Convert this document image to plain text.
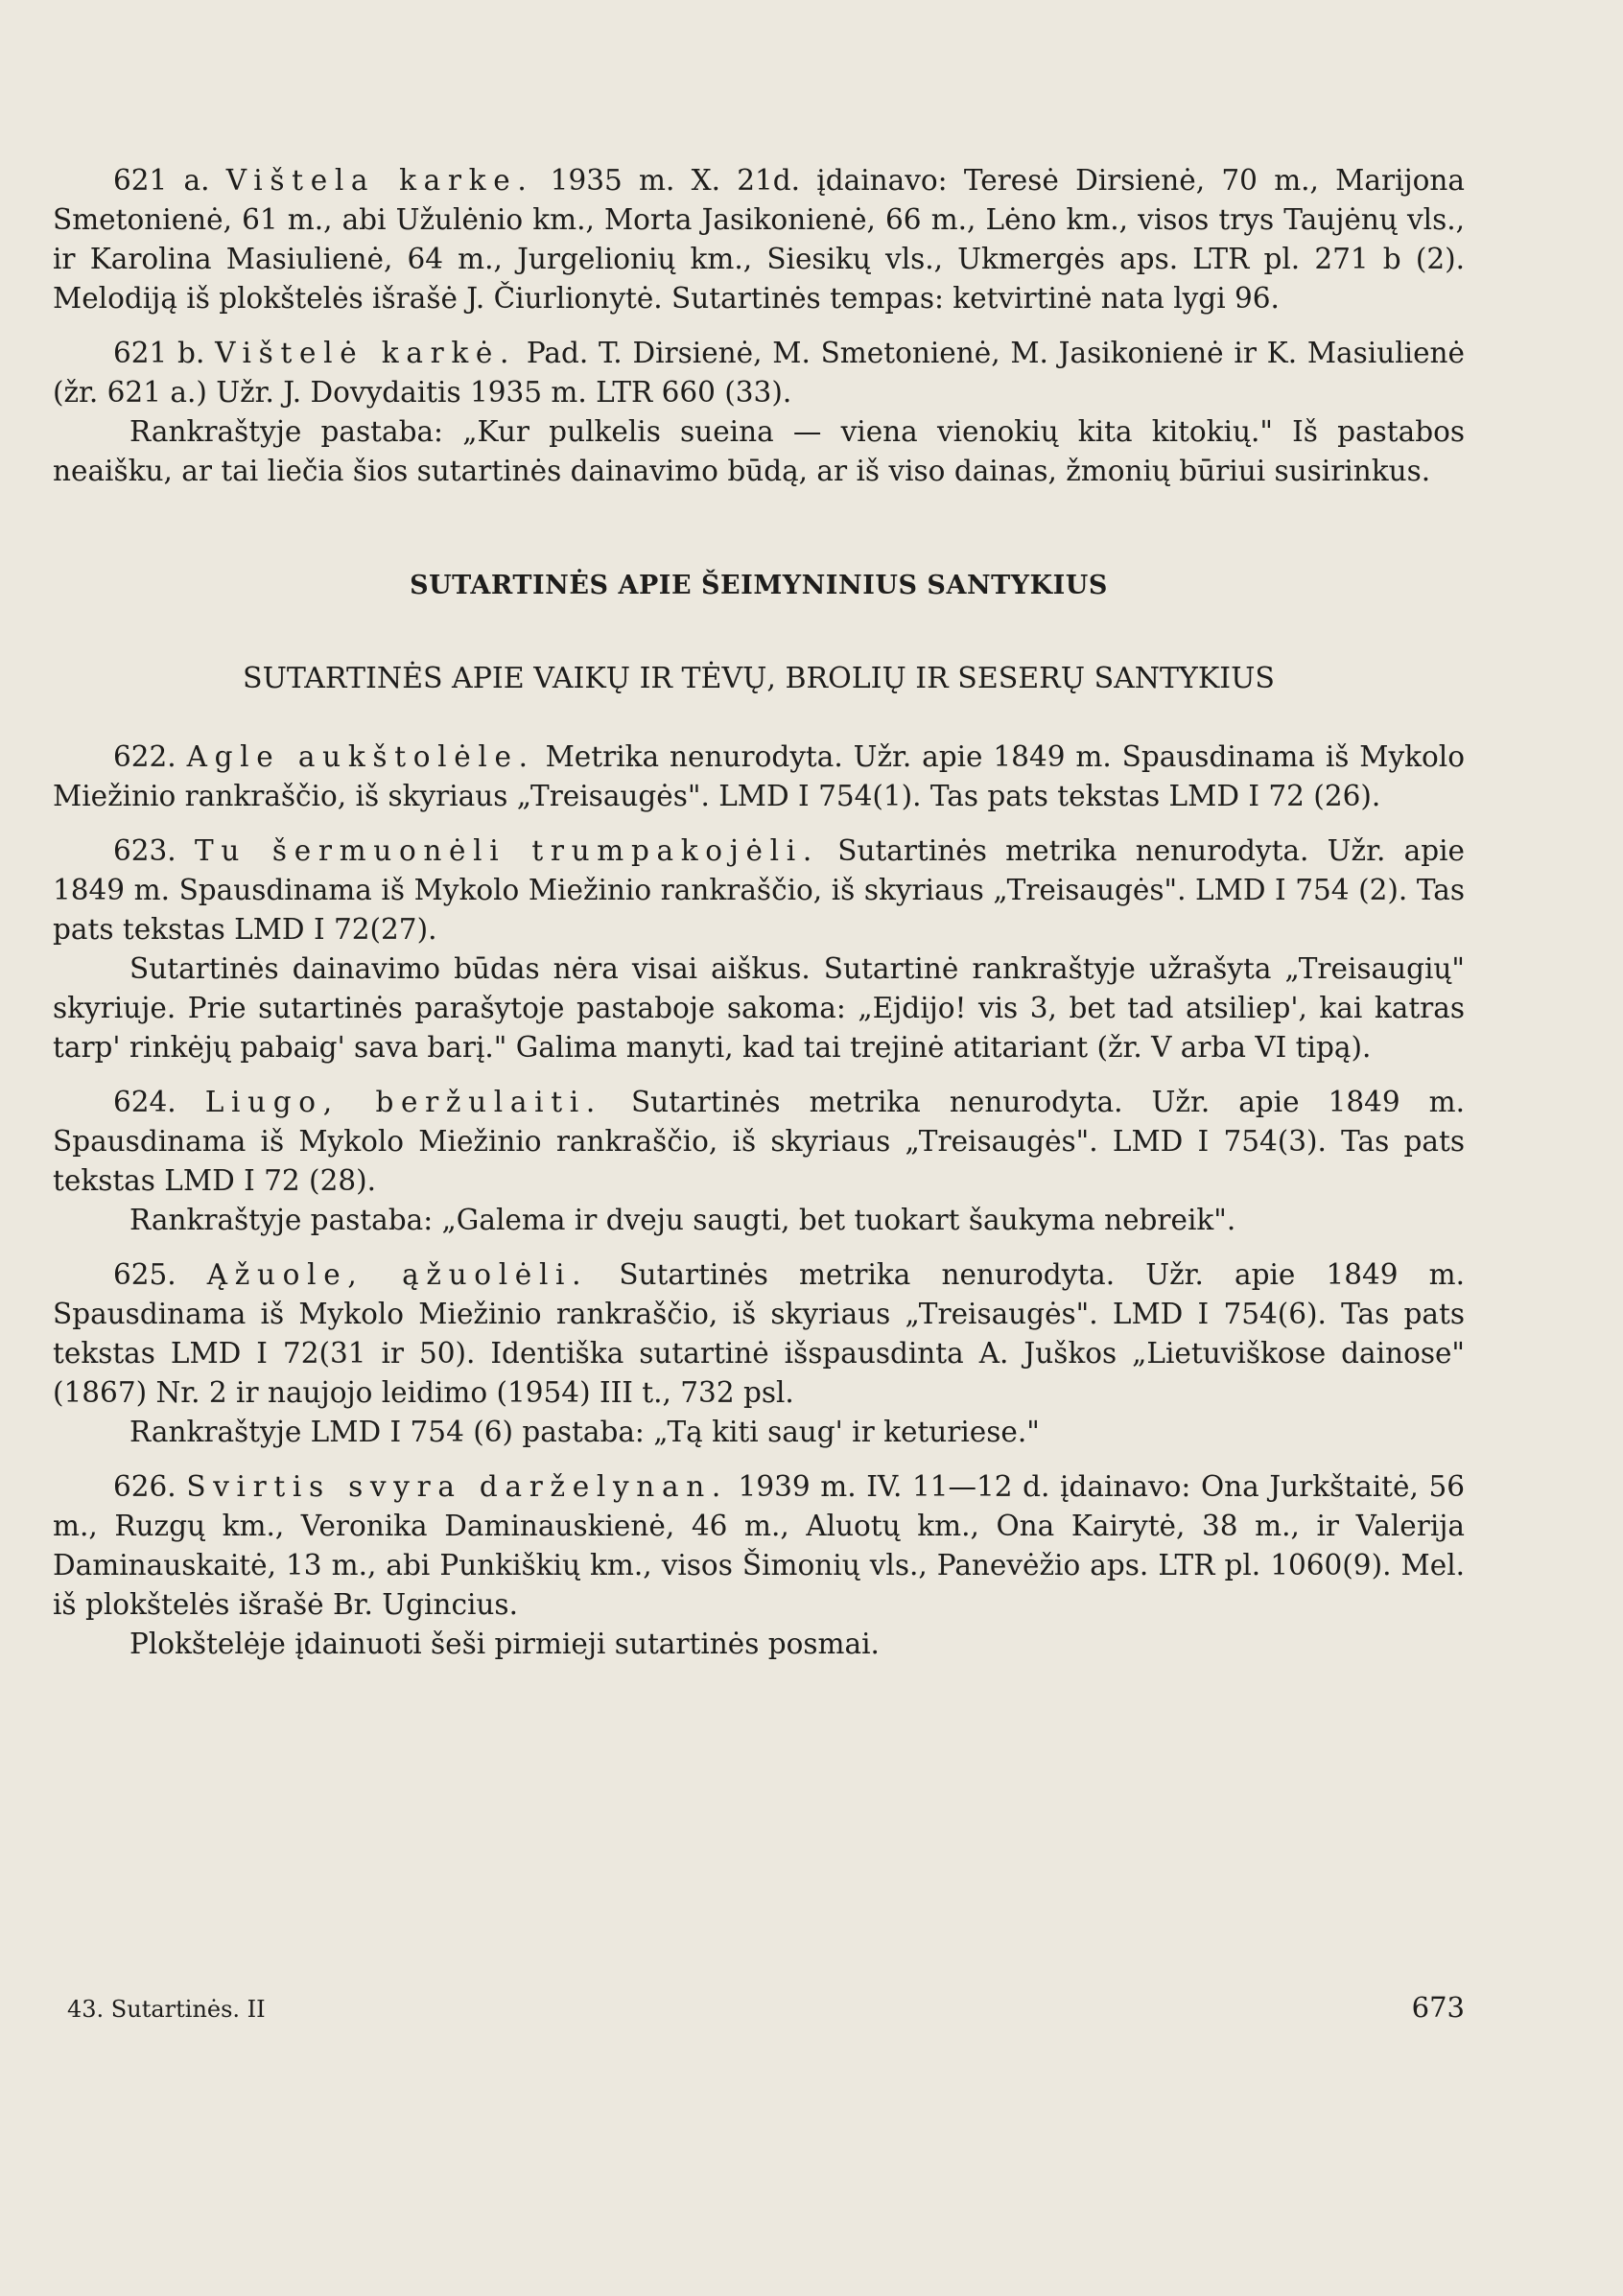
621 a. Vištela karke. 1935 m. X. 21d. įdainavo: Teresė Dirsienė, 70 m., Marijona Smetonienė, 61 m., abi Užulėnio km., Morta Jasikonienė, 66 m., Lėno km., visos trys Taujėnų vls., ir Karolina Masiulienė, 64 m., Jurgelionių km., Siesikų vls., Ukmergės aps. LTR pl. 271 b (2). Melodiją iš plokštelės išrašė J. Čiurlionytė. Sutartinės tempas: ketvirtinė nata lygi 96.

621 b. Vištelė karkė. Pad. T. Dirsienė, M. Smetonienė, M. Jasikonienė ir K. Masiulienė (žr. 621 a.) Užr. J. Dovydaitis 1935 m. LTR 660 (33).

Rankraštyje pastaba: „Kur pulkelis sueina — viena vienokių kita kitokių." Iš pastabos neaišku, ar tai liečia šios sutartinės dainavimo būdą, ar iš viso dainas, žmonių būriui susirinkus.

SUTARTINĖS APIE ŠEIMYNINIUS SANTYKIUS
SUTARTINĖS APIE VAIKŲ IR TĖVŲ, BROLIŲ IR SESERŲ SANTYKIUS

622. Agle aukštolėle. Metrika nenurodyta. Užr. apie 1849 m. Spausdinama iš Mykolo Miežinio rankraščio, iš skyriaus „Treisaugės". LMD I 754(1). Tas pats tekstas LMD I 72 (26).

623. Tu šermuonėli trumpakojėli. Sutartinės metrika nenurodyta. Užr. apie 1849 m. Spausdinama iš Mykolo Miežinio rankraščio, iš skyriaus „Treisaugės". LMD I 754 (2). Tas pats tekstas LMD I 72(27).

Sutartinės dainavimo būdas nėra visai aiškus. Sutartinė rankraštyje užrašyta „Treisaugių" skyriuje. Prie sutartinės parašytoje pastaboje sakoma: „Ejdijo! vis 3, bet tad atsiliep', kai katras tarp' rinkėjų pabaig' sava barį." Galima manyti, kad tai trejinė atitariant (žr. V arba VI tipą).

624. Liugo, beržulaiti. Sutartinės metrika nenurodyta. Užr. apie 1849 m. Spausdinama iš Mykolo Miežinio rankraščio, iš skyriaus „Treisaugės". LMD I 754(3). Tas pats tekstas LMD I 72 (28).

Rankraštyje pastaba: „Galema ir dveju saugti, bet tuokart šaukyma nebreik".

625. Ąžuole, ąžuolėli. Sutartinės metrika nenurodyta. Užr. apie 1849 m. Spausdinama iš Mykolo Miežinio rankraščio, iš skyriaus „Treisaugės". LMD I 754(6). Tas pats tekstas LMD I 72(31 ir 50). Identiška sutartinė išspausdinta A. Juškos „Lietuviškose dainose" (1867) Nr. 2 ir naujojo leidimo (1954) III t., 732 psl.

Rankraštyje LMD I 754 (6) pastaba: „Tą kiti saug' ir keturiese."

626. Svirtis svyra darželynan. 1939 m. IV. 11—12 d. įdainavo: Ona Jurkštaitė, 56 m., Ruzgų km., Veronika Daminauskienė, 46 m., Aluotų km., Ona Kairytė, 38 m., ir Valerija Daminauskaitė, 13 m., abi Punkiškių km., visos Šimonių vls., Panevėžio aps. LTR pl. 1060(9). Mel. iš plokštelės išrašė Br. Ugincius.

Plokštelėje įdainuoti šeši pirmieji sutartinės posmai.

43. Sutartinės. II	673
